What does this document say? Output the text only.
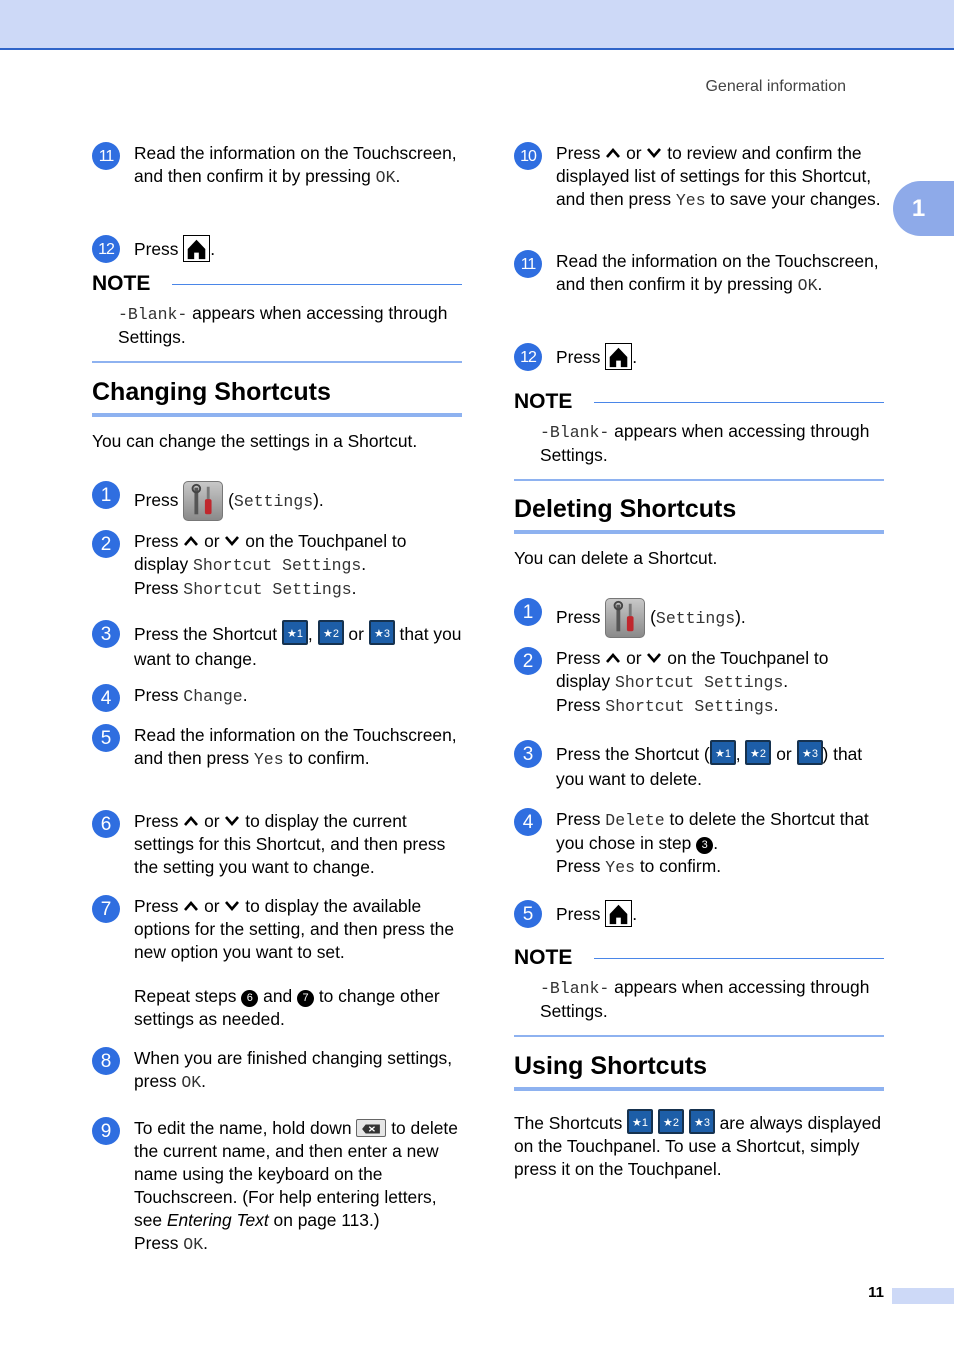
General information
1
11	Read the information on the Touchscreen, and then confirm it by pressing OK.
12	Press .
NOTE
-Blank- appears when accessing through Settings.
Changing Shortcuts
You can change the settings in a Shortcut.
1	Press  (Settings).
2	Press  or  on the Touchpanel to display Shortcut Settings.
Press Shortcut Settings.
3	Press the Shortcut
,
or
that you want to change.
4	Press Change.
5	Read the information on the Touchscreen, and then press Yes to confirm.
6	Press  or  to display the current settings for this Shortcut, and then press the setting you want to change.
7	Press  or  to display the available options for the setting, and then press the new option you want to set.
Repeat steps 6 and 7 to change other settings as needed.
8	When you are finished changing settings, press OK.
9	To edit the name, hold down  to delete the current name, and then enter a new name using the keyboard on the Touchscreen. (For help entering letters, see Entering Text on page 113.)
Press OK.
10	Press  or  to review and confirm the displayed list of settings for this Shortcut, and then press Yes to save your changes.
11	Read the information on the Touchscreen, and then confirm it by pressing OK.
12	Press .
NOTE
-Blank- appears when accessing through Settings.
Deleting Shortcuts
You can delete a Shortcut.
1	Press  (Settings).
2	Press  or  on the Touchpanel to display Shortcut Settings.
Press Shortcut Settings.
3	Press the Shortcut ( ,
or
) that you want to delete.
4	Press Delete to delete the Shortcut that you chose in step 3 .
Press Yes to confirm.
5	Press .
NOTE
-Blank- appears when accessing through Settings.
Using Shortcuts
The Shortcuts

	are always displayed on the Touchpanel. To use a Shortcut, simply press it on the Touchpanel.
11
